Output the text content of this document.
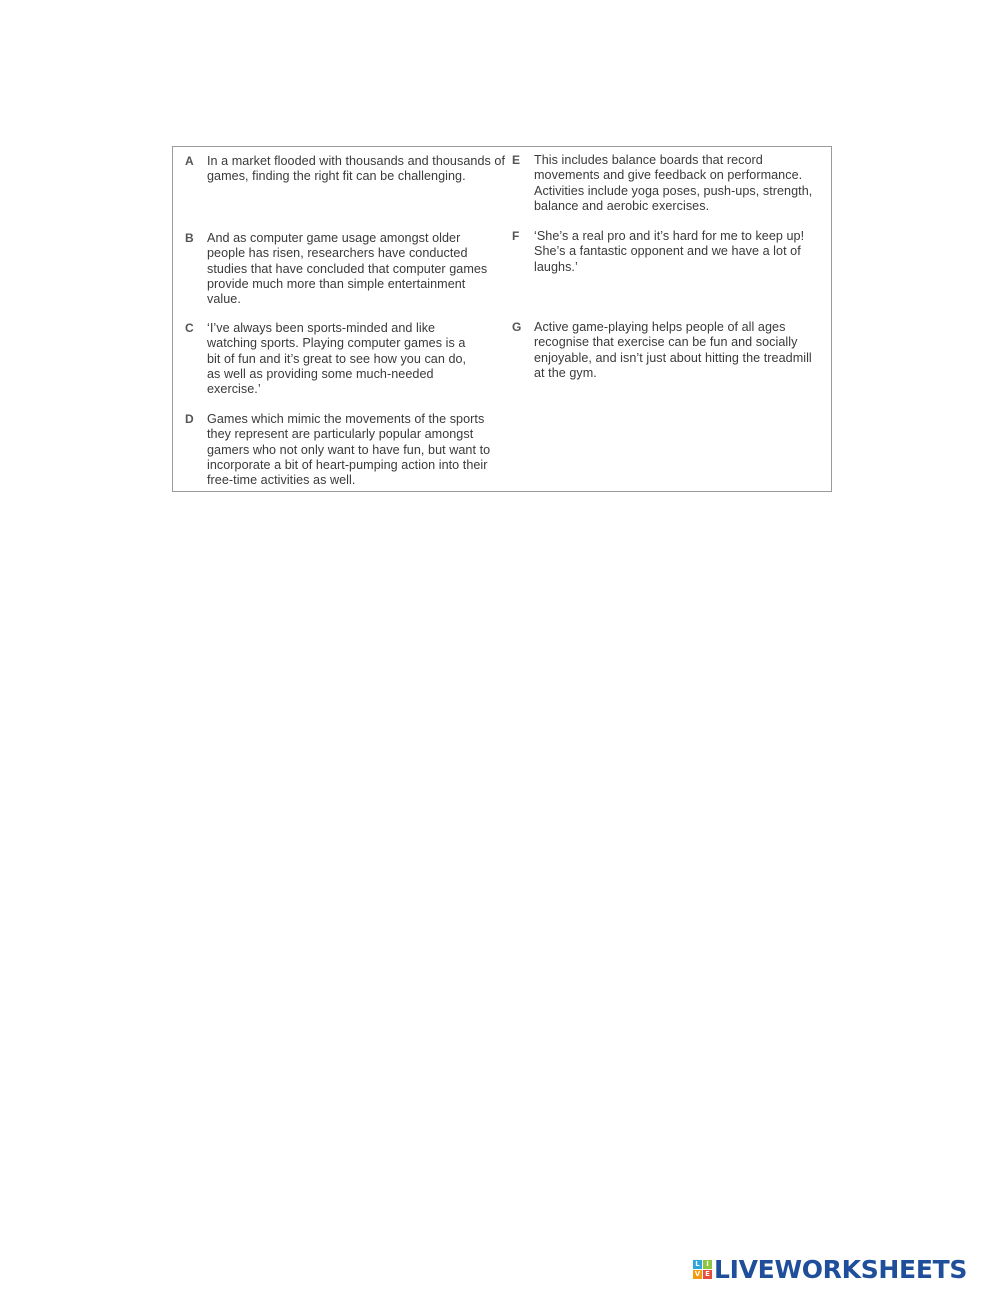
A In a market flooded with thousands and thousands of games, finding the right fit can be challenging.
B And as computer game usage amongst older people has risen, researchers have conducted studies that have concluded that computer games provide much more than simple entertainment value.
C ‘I’ve always been sports-minded and like watching sports. Playing computer games is a bit of fun and it’s great to see how you can do, as well as providing some much-needed exercise.’
D Games which mimic the movements of the sports they represent are particularly popular amongst gamers who not only want to have fun, but want to incorporate a bit of heart-pumping action into their free-time activities as well.
E This includes balance boards that record movements and give feedback on performance. Activities include yoga poses, push-ups, strength, balance and aerobic exercises.
F ‘She’s a real pro and it’s hard for me to keep up! She’s a fantastic opponent and we have a lot of laughs.’
G Active game-playing helps people of all ages recognise that exercise can be fun and socially enjoyable, and isn’t just about hitting the treadmill at the gym.
L I
V E LIVEWORKSHEETS
